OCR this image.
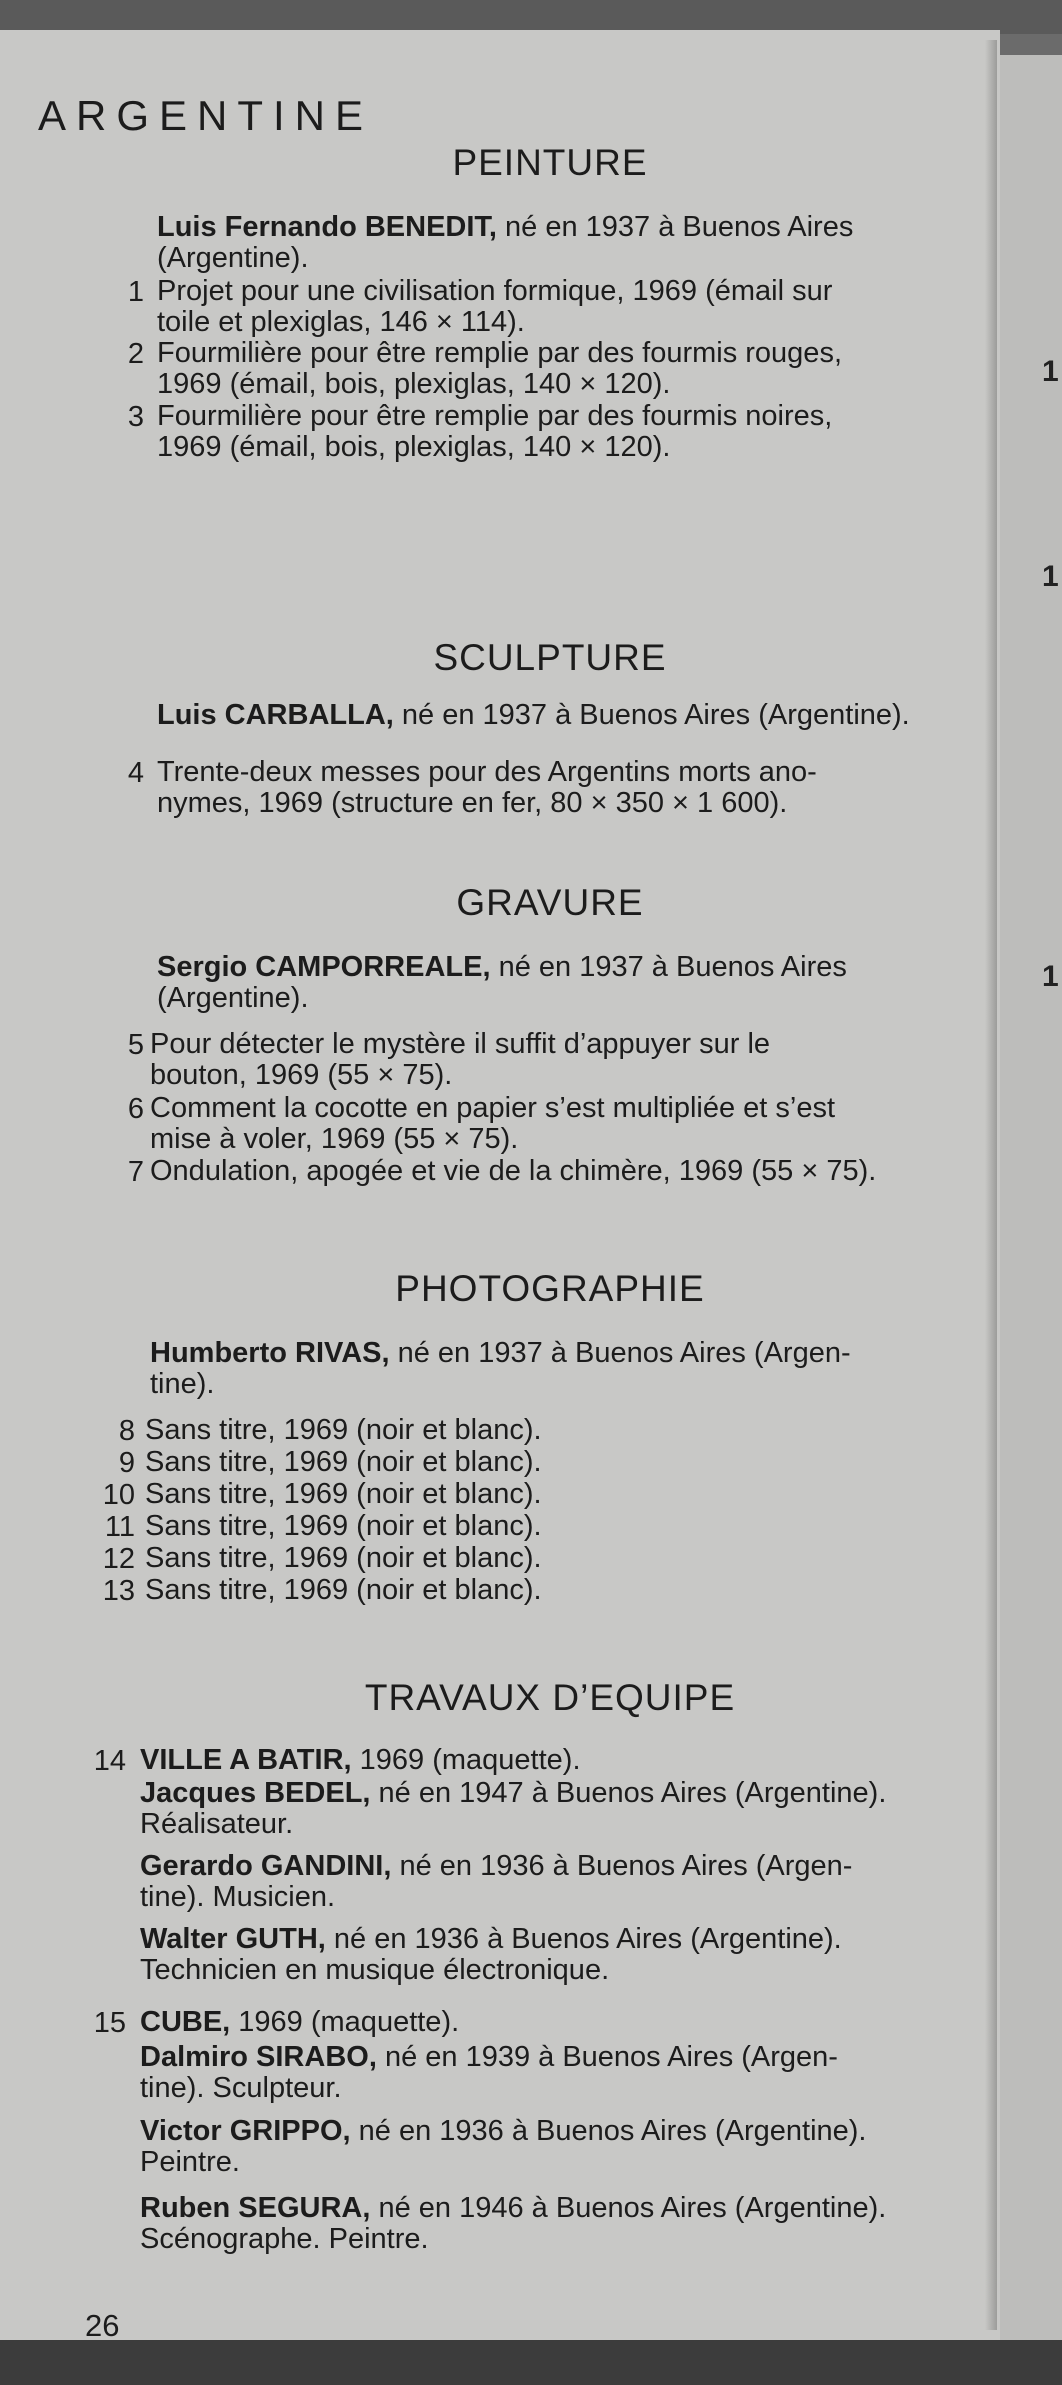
1
1
1
ARGENTINE
PEINTURE
Luis Fernando BENEDIT, né en 1937 à Buenos Aires
(Argentine).
1 Projet pour une civilisation formique, 1969 (émail sur
toile et plexiglas, 146 × 114).
2 Fourmilière pour être remplie par des fourmis rouges,
1969 (émail, bois, plexiglas, 140 × 120).
3 Fourmilière pour être remplie par des fourmis noires,
1969 (émail, bois, plexiglas, 140 × 120).
SCULPTURE
Luis CARBALLA, né en 1937 à Buenos Aires (Argentine).
4 Trente-deux messes pour des Argentins morts ano-
nymes, 1969 (structure en fer, 80 × 350 × 1 600).
GRAVURE
Sergio CAMPORREALE, né en 1937 à Buenos Aires
(Argentine).
5 Pour détecter le mystère il suffit d’appuyer sur le
bouton, 1969 (55 × 75).
6 Comment la cocotte en papier s’est multipliée et s’est
mise à voler, 1969 (55 × 75).
7 Ondulation, apogée et vie de la chimère, 1969 (55 × 75).
PHOTOGRAPHIE
Humberto RIVAS, né en 1937 à Buenos Aires (Argen-
tine).
8 Sans titre, 1969 (noir et blanc).
9 Sans titre, 1969 (noir et blanc).
10 Sans titre, 1969 (noir et blanc).
11 Sans titre, 1969 (noir et blanc).
12 Sans titre, 1969 (noir et blanc).
13 Sans titre, 1969 (noir et blanc).
TRAVAUX D’EQUIPE
14 VILLE A BATIR, 1969 (maquette).
Jacques BEDEL, né en 1947 à Buenos Aires (Argentine).
Réalisateur.
Gerardo GANDINI, né en 1936 à Buenos Aires (Argen-
tine). Musicien.
Walter GUTH, né en 1936 à Buenos Aires (Argentine).
Technicien en musique électronique.
15 CUBE, 1969 (maquette).
Dalmiro SIRABO, né en 1939 à Buenos Aires (Argen-
tine). Sculpteur.
Victor GRIPPO, né en 1936 à Buenos Aires (Argentine).
Peintre.
Ruben SEGURA, né en 1946 à Buenos Aires (Argentine).
Scénographe. Peintre.
26
